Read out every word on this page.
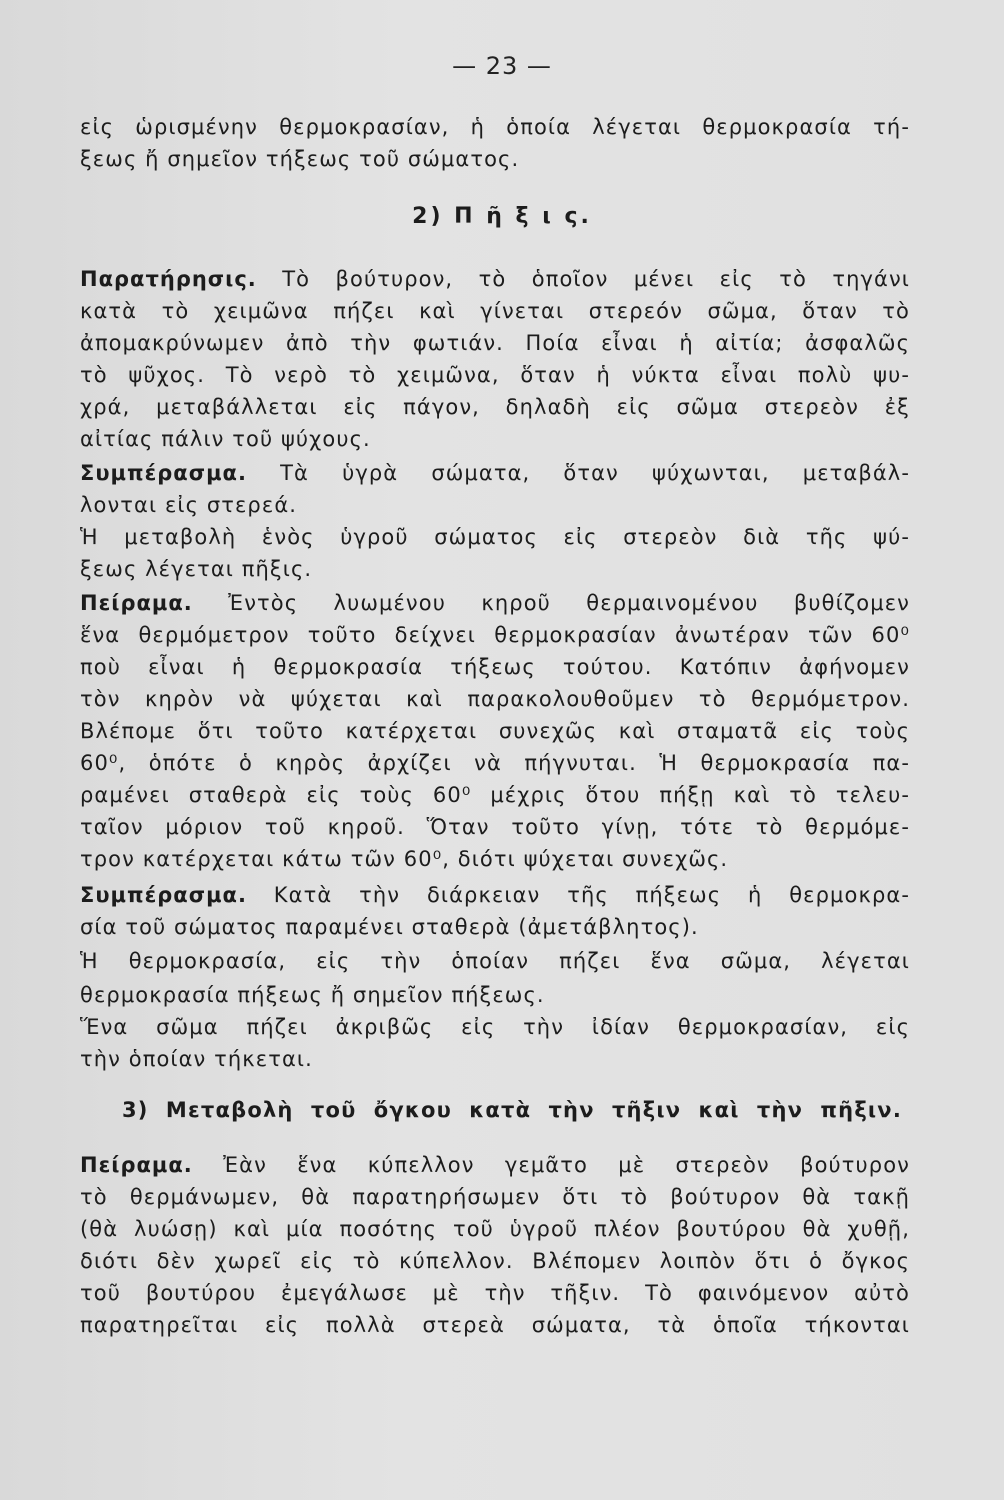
— 23 —
εἰς ὡρισμένην θερμοκρασίαν, ἡ ὁποία λέγεται θερμοκρασία τή-
ξεως ἤ σημεῖον τήξεως τοῦ σώματος.
2) Π ῆ ξ ι ς.
Παρατήρησις. Τὸ βούτυρον, τὸ ὁποῖον μένει εἰς τὸ τηγάνι
κατὰ τὸ χειμῶνα πήζει καὶ γίνεται στερεόν σῶμα, ὅταν τὸ
ἀπομακρύνωμεν ἀπὸ τὴν φωτιάν. Ποία εἶναι ἡ αἰτία; ἀσφαλῶς
τὸ ψῦχος. Τὸ νερὸ τὸ χειμῶνα, ὅταν ἡ νύκτα εἶναι πολὺ ψυ-
χρά, μεταβάλλεται εἰς πάγον, δηλαδὴ εἰς σῶμα στερεὸν ἐξ
αἰτίας πάλιν τοῦ ψύχους.
Συμπέρασμα. Τὰ ὑγρὰ σώματα, ὅταν ψύχωνται, μεταβάλ-
λονται εἰς στερεά.
Ἡ μεταβολὴ ἑνὸς ὑγροῦ σώματος εἰς στερεὸν διὰ τῆς ψύ-
ξεως λέγεται πῆξις.
Πείραμα. Ἐντὸς λυωμένου κηροῦ θερμαινομένου βυθίζομεν
ἕνα θερμόμετρον τοῦτο δείχνει θερμοκρασίαν ἀνωτέραν τῶν 60⁰
ποὺ εἶναι ἡ θερμοκρασία τήξεως τούτου. Κατόπιν ἀφήνομεν
τὸν κηρὸν νὰ ψύχεται καὶ παρακολουθοῦμεν τὸ θερμόμετρον.
Βλέπομε ὅτι τοῦτο κατέρχεται συνεχῶς καὶ σταματᾶ εἰς τοὺς
60⁰, ὁπότε ὁ κηρὸς ἀρχίζει νὰ πήγνυται. Ἡ θερμοκρασία πα-
ραμένει σταθερὰ εἰς τοὺς 60⁰ μέχρις ὅτου πήξῃ καὶ τὸ τελευ-
ταῖον μόριον τοῦ κηροῦ. Ὅταν τοῦτο γίνῃ, τότε τὸ θερμόμε-
τρον κατέρχεται κάτω τῶν 60⁰, διότι ψύχεται συνεχῶς.
Συμπέρασμα. Κατὰ τὴν διάρκειαν τῆς πήξεως ἡ θερμοκρα-
σία τοῦ σώματος παραμένει σταθερὰ (ἀμετάβλητος).
Ἡ θερμοκρασία, εἰς τὴν ὁποίαν πήζει ἕνα σῶμα, λέγεται
θερμοκρασία πήξεως ἤ σημεῖον πήξεως.
Ἕνα σῶμα πήζει ἀκριβῶς εἰς τὴν ἰδίαν θερμοκρασίαν, εἰς
τὴν ὁποίαν τήκεται.
3) Μεταβολὴ τοῦ ὄγκου κατὰ τὴν τῆξιν καὶ τὴν πῆξιν.
Πείραμα. Ἐὰν ἕνα κύπελλον γεμᾶτο μὲ στερεὸν βούτυρον
τὸ θερμάνωμεν, θὰ παρατηρήσωμεν ὅτι τὸ βούτυρον θὰ τακῇ
(θὰ λυώσῃ) καὶ μία ποσότης τοῦ ὑγροῦ πλέον βουτύρου θὰ χυθῇ,
διότι δὲν χωρεῖ εἰς τὸ κύπελλον. Βλέπομεν λοιπὸν ὅτι ὁ ὄγκος
τοῦ βουτύρου ἐμεγάλωσε μὲ τὴν τῆξιν. Τὸ φαινόμενον αὐτὸ
παρατηρεῖται εἰς πολλὰ στερεὰ σώματα, τὰ ὁποῖα τήκονται
